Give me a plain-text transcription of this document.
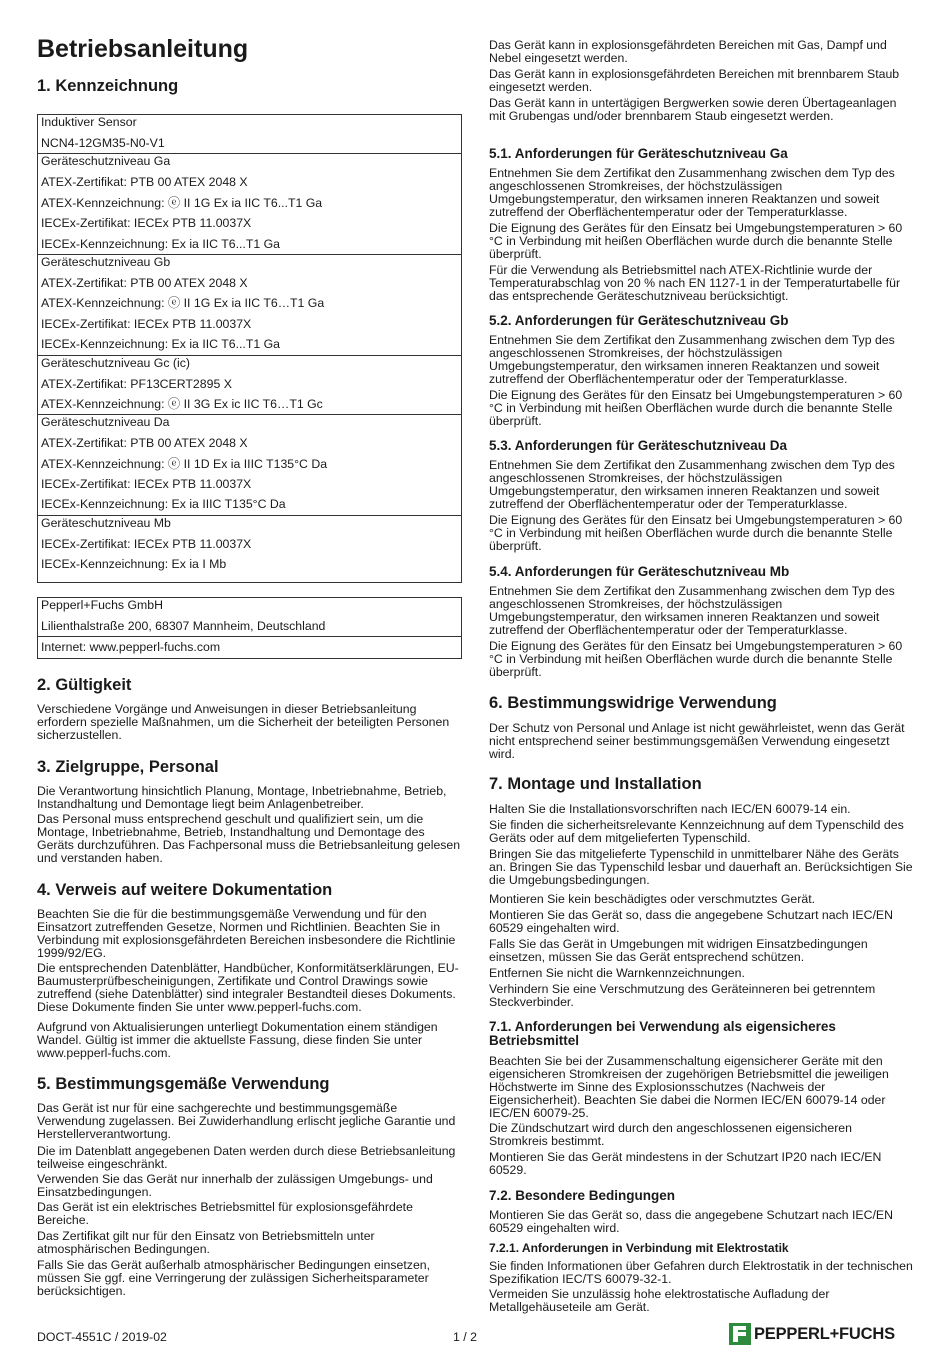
Betriebsanleitung
1. Kennzeichnung
Induktiver Sensor
NCN4-12GM35-N0-V1
Geräteschutzniveau Ga
ATEX-Zertifikat: PTB 00 ATEX 2048 X
ATEX-Kennzeichnung: ⓔ II 1G Ex ia IIC T6...T1 Ga
IECEx-Zertifikat: IECEx PTB 11.0037X
IECEx-Kennzeichnung: Ex ia IIC T6...T1 Ga
Geräteschutzniveau Gb
ATEX-Zertifikat: PTB 00 ATEX 2048 X
ATEX-Kennzeichnung: ⓔ II 1G Ex ia IIC T6…T1 Ga
IECEx-Zertifikat: IECEx PTB 11.0037X
IECEx-Kennzeichnung: Ex ia IIC T6...T1 Ga
Geräteschutzniveau Gc (ic)
ATEX-Zertifikat: PF13CERT2895 X
ATEX-Kennzeichnung: ⓔ II 3G Ex ic IIC T6…T1 Gc
Geräteschutzniveau Da
ATEX-Zertifikat: PTB 00 ATEX 2048 X
ATEX-Kennzeichnung: ⓔ II 1D Ex ia IIIC T135°C Da
IECEx-Zertifikat: IECEx PTB 11.0037X
IECEx-Kennzeichnung: Ex ia IIIC T135°C Da
Geräteschutzniveau Mb
IECEx-Zertifikat: IECEx PTB 11.0037X
IECEx-Kennzeichnung: Ex ia I Mb
Pepperl+Fuchs GmbH
Lilienthalstraße 200, 68307 Mannheim, Deutschland
Internet: www.pepperl-fuchs.com
2. Gültigkeit

Verschiedene Vorgänge und Anweisungen in dieser Betriebsanleitung erfordern spezielle Maßnahmen, um die Sicherheit der beteiligten Personen sicherzustellen.

3. Zielgruppe, Personal

Die Verantwortung hinsichtlich Planung, Montage, Inbetriebnahme, Betrieb, Instandhaltung und Demontage liegt beim Anlagenbetreiber.

Das Personal muss entsprechend geschult und qualifiziert sein, um die Montage, Inbetriebnahme, Betrieb, Instandhaltung und Demontage des Geräts durchzuführen. Das Fachpersonal muss die Betriebsanleitung gelesen und verstanden haben.

4. Verweis auf weitere Dokumentation

Beachten Sie die für die bestimmungsgemäße Verwendung und für den Einsatzort zutreffenden Gesetze, Normen und Richtlinien. Beachten Sie in Verbindung mit explosionsgefährdeten Bereichen insbesondere die Richtlinie 1999/92/EG.

Die entsprechenden Datenblätter, Handbücher, Konformitätserklärungen, EU-Baumusterprüfbescheinigungen, Zertifikate und Control Drawings sowie zutreffend (siehe Datenblätter) sind integraler Bestandteil dieses Dokuments. Diese Dokumente finden Sie unter www.pepperl-fuchs.com.

Aufgrund von Aktualisierungen unterliegt Dokumentation einem ständigen Wandel. Gültig ist immer die aktuellste Fassung, diese finden Sie unter www.pepperl-fuchs.com.

5. Bestimmungsgemäße Verwendung

Das Gerät ist nur für eine sachgerechte und bestimmungsgemäße Verwendung zugelassen. Bei Zuwiderhandlung erlischt jegliche Garantie und Herstellerverantwortung.

Die im Datenblatt angegebenen Daten werden durch diese Betriebsanleitung teilweise eingeschränkt.

Verwenden Sie das Gerät nur innerhalb der zulässigen Umgebungs- und Einsatzbedingungen.

Das Gerät ist ein elektrisches Betriebsmittel für explosionsgefährdete Bereiche.

Das Zertifikat gilt nur für den Einsatz von Betriebsmitteln unter atmosphärischen Bedingungen.

Falls Sie das Gerät außerhalb atmosphärischer Bedingungen einsetzen, müssen Sie ggf. eine Verringerung der zulässigen Sicherheitsparameter berücksichtigen.

Das Gerät kann in explosionsgefährdeten Bereichen mit Gas, Dampf und Nebel eingesetzt werden.

Das Gerät kann in explosionsgefährdeten Bereichen mit brennbarem Staub eingesetzt werden.

Das Gerät kann in untertägigen Bergwerken sowie deren Übertageanlagen mit Grubengas und/oder brennbarem Staub eingesetzt werden.

5.1. Anforderungen für Geräteschutzniveau Ga

Entnehmen Sie dem Zertifikat den Zusammenhang zwischen dem Typ des angeschlossenen Stromkreises, der höchstzulässigen Umgebungstemperatur, den wirksamen inneren Reaktanzen und soweit zutreffend der Oberflächentemperatur oder der Temperaturklasse.

Die Eignung des Gerätes für den Einsatz bei Umgebungstemperaturen > 60 °C in Verbindung mit heißen Oberflächen wurde durch die benannte Stelle überprüft.

Für die Verwendung als Betriebsmittel nach ATEX-Richtlinie wurde der Temperaturabschlag von 20 % nach EN 1127-1 in der Temperaturtabelle für das entsprechende Geräteschutzniveau berücksichtigt.

5.2. Anforderungen für Geräteschutzniveau Gb

Entnehmen Sie dem Zertifikat den Zusammenhang zwischen dem Typ des angeschlossenen Stromkreises, der höchstzulässigen Umgebungstemperatur, den wirksamen inneren Reaktanzen und soweit zutreffend der Oberflächentemperatur oder der Temperaturklasse.

Die Eignung des Gerätes für den Einsatz bei Umgebungstemperaturen > 60 °C in Verbindung mit heißen Oberflächen wurde durch die benannte Stelle überprüft.

5.3. Anforderungen für Geräteschutzniveau Da

Entnehmen Sie dem Zertifikat den Zusammenhang zwischen dem Typ des angeschlossenen Stromkreises, der höchstzulässigen Umgebungstemperatur, den wirksamen inneren Reaktanzen und soweit zutreffend der Oberflächentemperatur oder der Temperaturklasse.

Die Eignung des Gerätes für den Einsatz bei Umgebungstemperaturen > 60 °C in Verbindung mit heißen Oberflächen wurde durch die benannte Stelle überprüft.

5.4. Anforderungen für Geräteschutzniveau Mb

Entnehmen Sie dem Zertifikat den Zusammenhang zwischen dem Typ des angeschlossenen Stromkreises, der höchstzulässigen Umgebungstemperatur, den wirksamen inneren Reaktanzen und soweit zutreffend der Oberflächentemperatur oder der Temperaturklasse.

Die Eignung des Gerätes für den Einsatz bei Umgebungstemperaturen > 60 °C in Verbindung mit heißen Oberflächen wurde durch die benannte Stelle überprüft.

6. Bestimmungswidrige Verwendung

Der Schutz von Personal und Anlage ist nicht gewährleistet, wenn das Gerät nicht entsprechend seiner bestimmungsgemäßen Verwendung eingesetzt wird.

7. Montage und Installation

Halten Sie die Installationsvorschriften nach IEC/EN 60079-14 ein.

Sie finden die sicherheitsrelevante Kennzeichnung auf dem Typenschild des Geräts oder auf dem mitgelieferten Typenschild.

Bringen Sie das mitgelieferte Typenschild in unmittelbarer Nähe des Geräts an. Bringen Sie das Typenschild lesbar und dauerhaft an. Berücksichtigen Sie die Umgebungsbedingungen.

Montieren Sie kein beschädigtes oder verschmutztes Gerät.

Montieren Sie das Gerät so, dass die angegebene Schutzart nach IEC/EN 60529 eingehalten wird.

Falls Sie das Gerät in Umgebungen mit widrigen Einsatzbedingungen einsetzen, müssen Sie das Gerät entsprechend schützen.

Entfernen Sie nicht die Warnkennzeichnungen.

Verhindern Sie eine Verschmutzung des Geräteinneren bei getrenntem Steckverbinder.

7.1. Anforderungen bei Verwendung als eigensicheres Betriebsmittel

Beachten Sie bei der Zusammenschaltung eigensicherer Geräte mit den eigensicheren Stromkreisen der zugehörigen Betriebsmittel die jeweiligen Höchstwerte im Sinne des Explosionsschutzes (Nachweis der Eigensicherheit). Beachten Sie dabei die Normen IEC/EN 60079-14 oder IEC/EN 60079-25.

Die Zündschutzart wird durch den angeschlossenen eigensicheren Stromkreis bestimmt.

Montieren Sie das Gerät mindestens in der Schutzart IP20 nach IEC/EN 60529.

7.2. Besondere Bedingungen

Montieren Sie das Gerät so, dass die angegebene Schutzart nach IEC/EN 60529 eingehalten wird.

7.2.1. Anforderungen in Verbindung mit Elektrostatik

Sie finden Informationen über Gefahren durch Elektrostatik in der technischen Spezifikation IEC/TS 60079-32-1.

Vermeiden Sie unzulässig hohe elektrostatische Aufladung der Metallgehäuseteile am Gerät.

DOCT-4551C / 2019-02	1 / 2	PEPPERL+FUCHS
